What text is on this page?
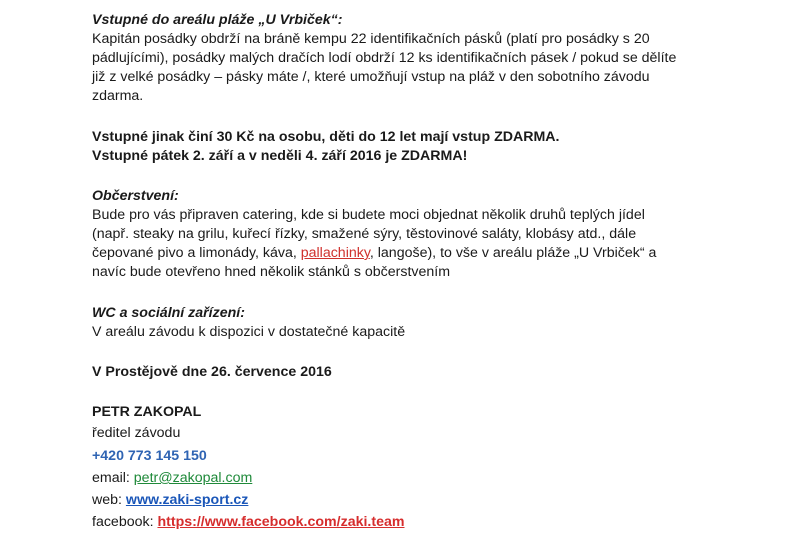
Vstupné do areálu pláže „U Vrbiček“:
Kapitán posádky obdrží na bráně kempu 22 identifikačních pásků (platí pro posádky s 20
pádlujícími), posádky malých dračích lodí obdrží 12 ks identifikačních pásek / pokud se dělíte
již z velké posádky – pásky máte /, které umožňují vstup na pláž v den sobotního závodu
zdarma.
Vstupné jinak činí 30 Kč na osobu, děti do 12 let mají vstup ZDARMA.
Vstupné pátek 2. září a v neděli 4. září 2016 je ZDARMA!
Občerstvení:
Bude pro vás připraven catering, kde si budete moci objednat několik druhů teplých jídel
(např. steaky na grilu, kuřecí řízky, smažené sýry, těstovinové saláty, klobásy atd., dále
čepované pivo a limonády, káva, pallachinky, langoše), to vše v areálu pláže „U Vrbiček“ a
navíc bude otevřeno hned několik stánků s občerstvením
WC a sociální zařízení:
V areálu závodu k dispozici v dostatečné kapacitě
V Prostějově dne 26. července 2016
PETR ZAKOPAL
ředitel závodu
+420 773 145 150
email: petr@zakopal.com
web: www.zaki-sport.cz
facebook: https://www.facebook.com/zaki.team
